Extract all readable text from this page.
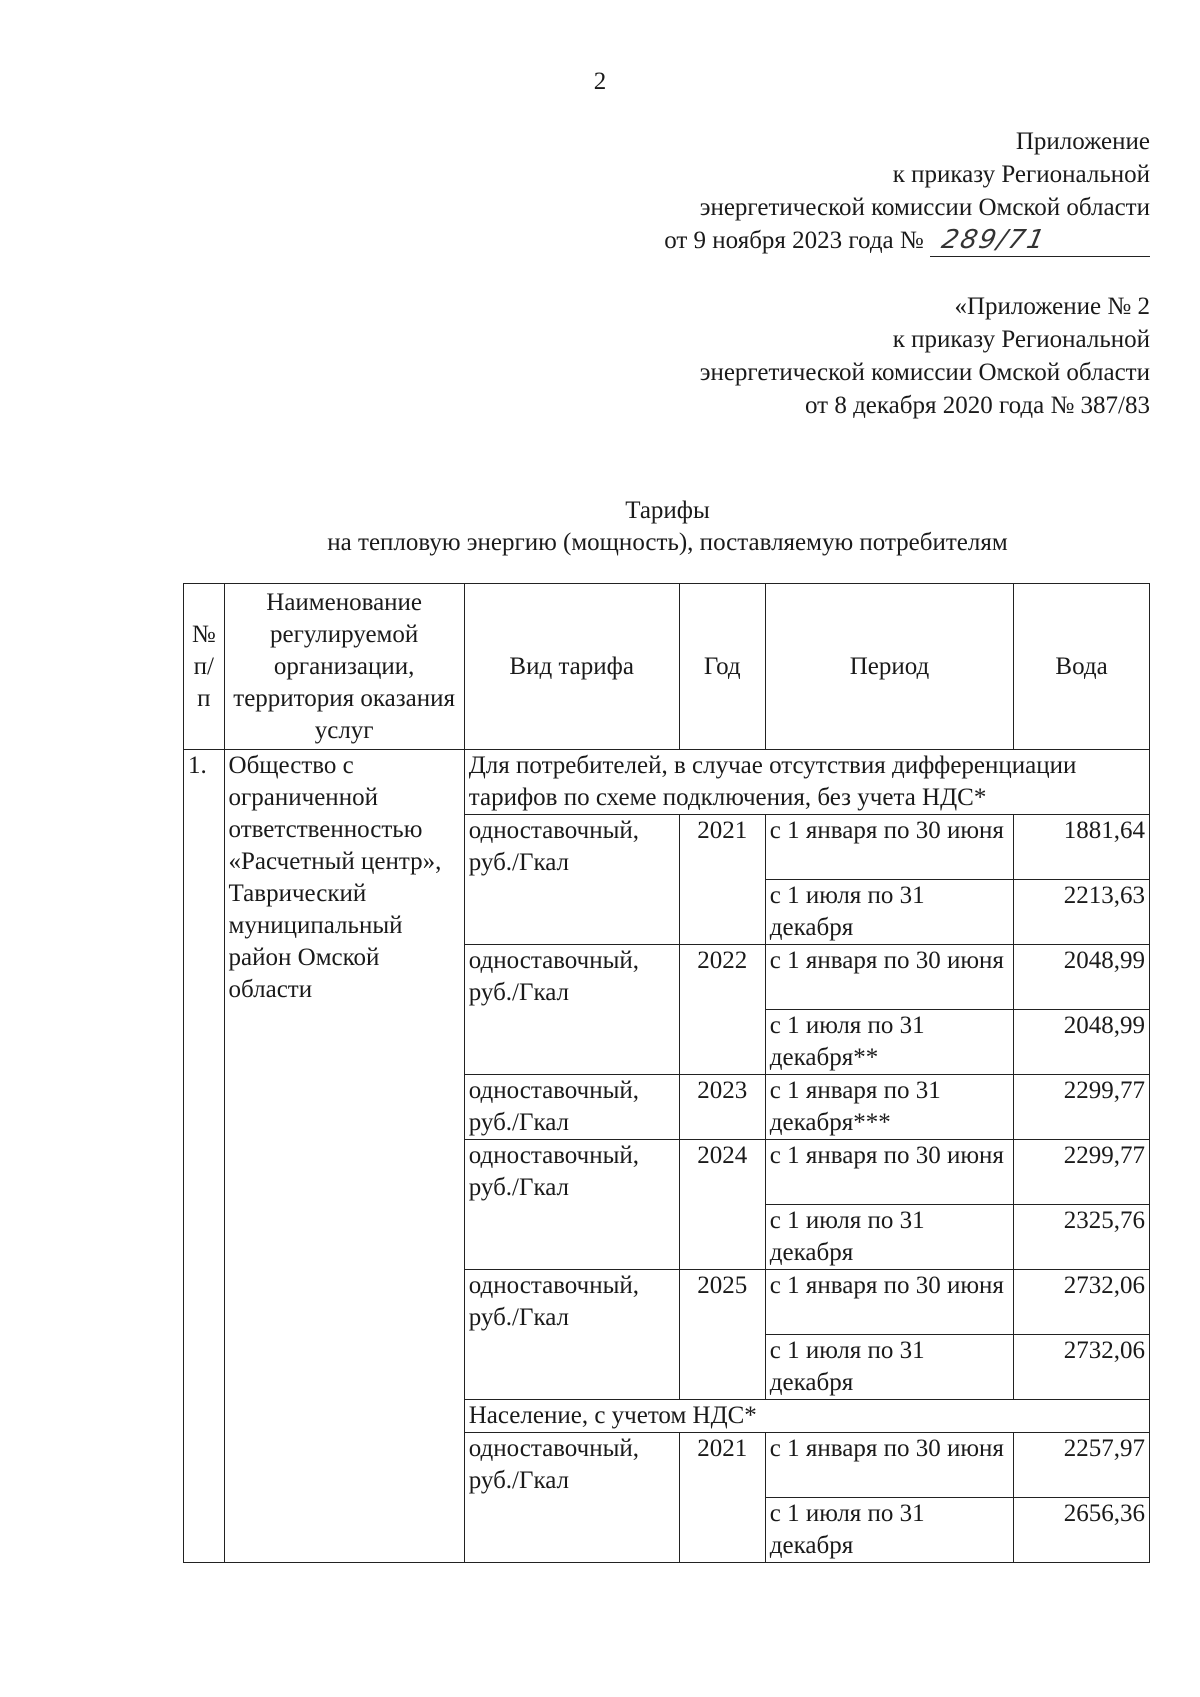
2
Приложение
к приказу Региональной
энергетической комиссии Омской области
от 9 ноября 2023 года № 289/71
«Приложение № 2
к приказу Региональной
энергетической комиссии Омской области
от 8 декабря 2020 года № 387/83
Тарифы
на тепловую энергию (мощность), поставляемую потребителям
№ п/ п	Наименование регулируемой организации, территория оказания услуг	Вид тарифа	Год	Период	Вода
1.	Общество с ограниченной ответственностью «Расчетный центр», Таврический муниципальный район Омской области	Для потребителей, в случае отсутствия дифференциации тарифов по схеме подключения, без учета НДС*			
		одноставочный, руб./Гкал	2021	с 1 января по 30 июня	1881,64
				с 1 июля по 31 декабря	2213,63
		одноставочный, руб./Гкал	2022	с 1 января по 30 июня	2048,99
				с 1 июля по 31 декабря**	2048,99
		одноставочный, руб./Гкал	2023	с 1 января по 31 декабря***	2299,77
		одноставочный, руб./Гкал	2024	с 1 января по 30 июня	2299,77
				с 1 июля по 31 декабря	2325,76
		одноставочный, руб./Гкал	2025	с 1 января по 30 июня	2732,06
				с 1 июля по 31 декабря	2732,06
		Население, с учетом НДС*			
		одноставочный, руб./Гкал	2021	с 1 января по 30 июня	2257,97
				с 1 июля по 31 декабря	2656,36
